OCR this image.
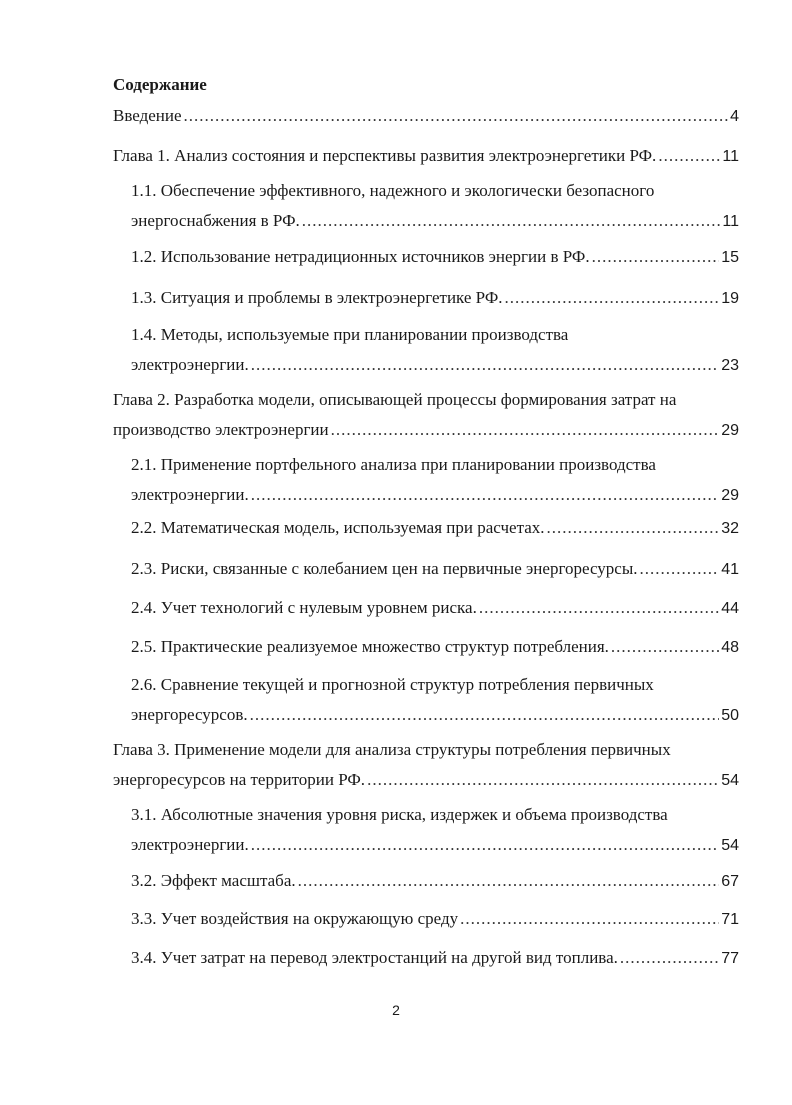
Содержание
Введение .....	4
Глава 1. Анализ состояния и перспективы развития электроэнергетики РФ. .....	11
1.1. Обеспечение эффективного, надежного и экологически безопасного
энергоснабжения в РФ. .....	11
1.2. Использование нетрадиционных источников энергии в РФ. .....	15
1.3. Ситуация и проблемы в электроэнергетике РФ. .....	19
1.4. Методы, используемые при планировании производства
электроэнергии. .....	23
Глава 2. Разработка модели, описывающей процессы формирования затрат на
производство электроэнергии .....	29
2.1. Применение портфельного анализа при планировании производства
электроэнергии. .....	29
2.2. Математическая модель, используемая при расчетах. .....	32
2.3. Риски, связанные с колебанием цен на первичные энергоресурсы. .....	41
2.4. Учет технологий с нулевым уровнем риска. .....	44
2.5. Практические реализуемое множество структур потребления. .....	48
2.6. Сравнение текущей и прогнозной структур потребления первичных
энергоресурсов. .....	50
Глава 3. Применение модели для анализа структуры потребления первичных
энергоресурсов на территории РФ. .....	54
3.1. Абсолютные значения уровня риска, издержек и объема производства
электроэнергии. .....	54
3.2. Эффект масштаба. .....	67
3.3. Учет воздействия на окружающую среду .....	71
3.4. Учет затрат на перевод электростанций на другой вид топлива. .....	77
2
